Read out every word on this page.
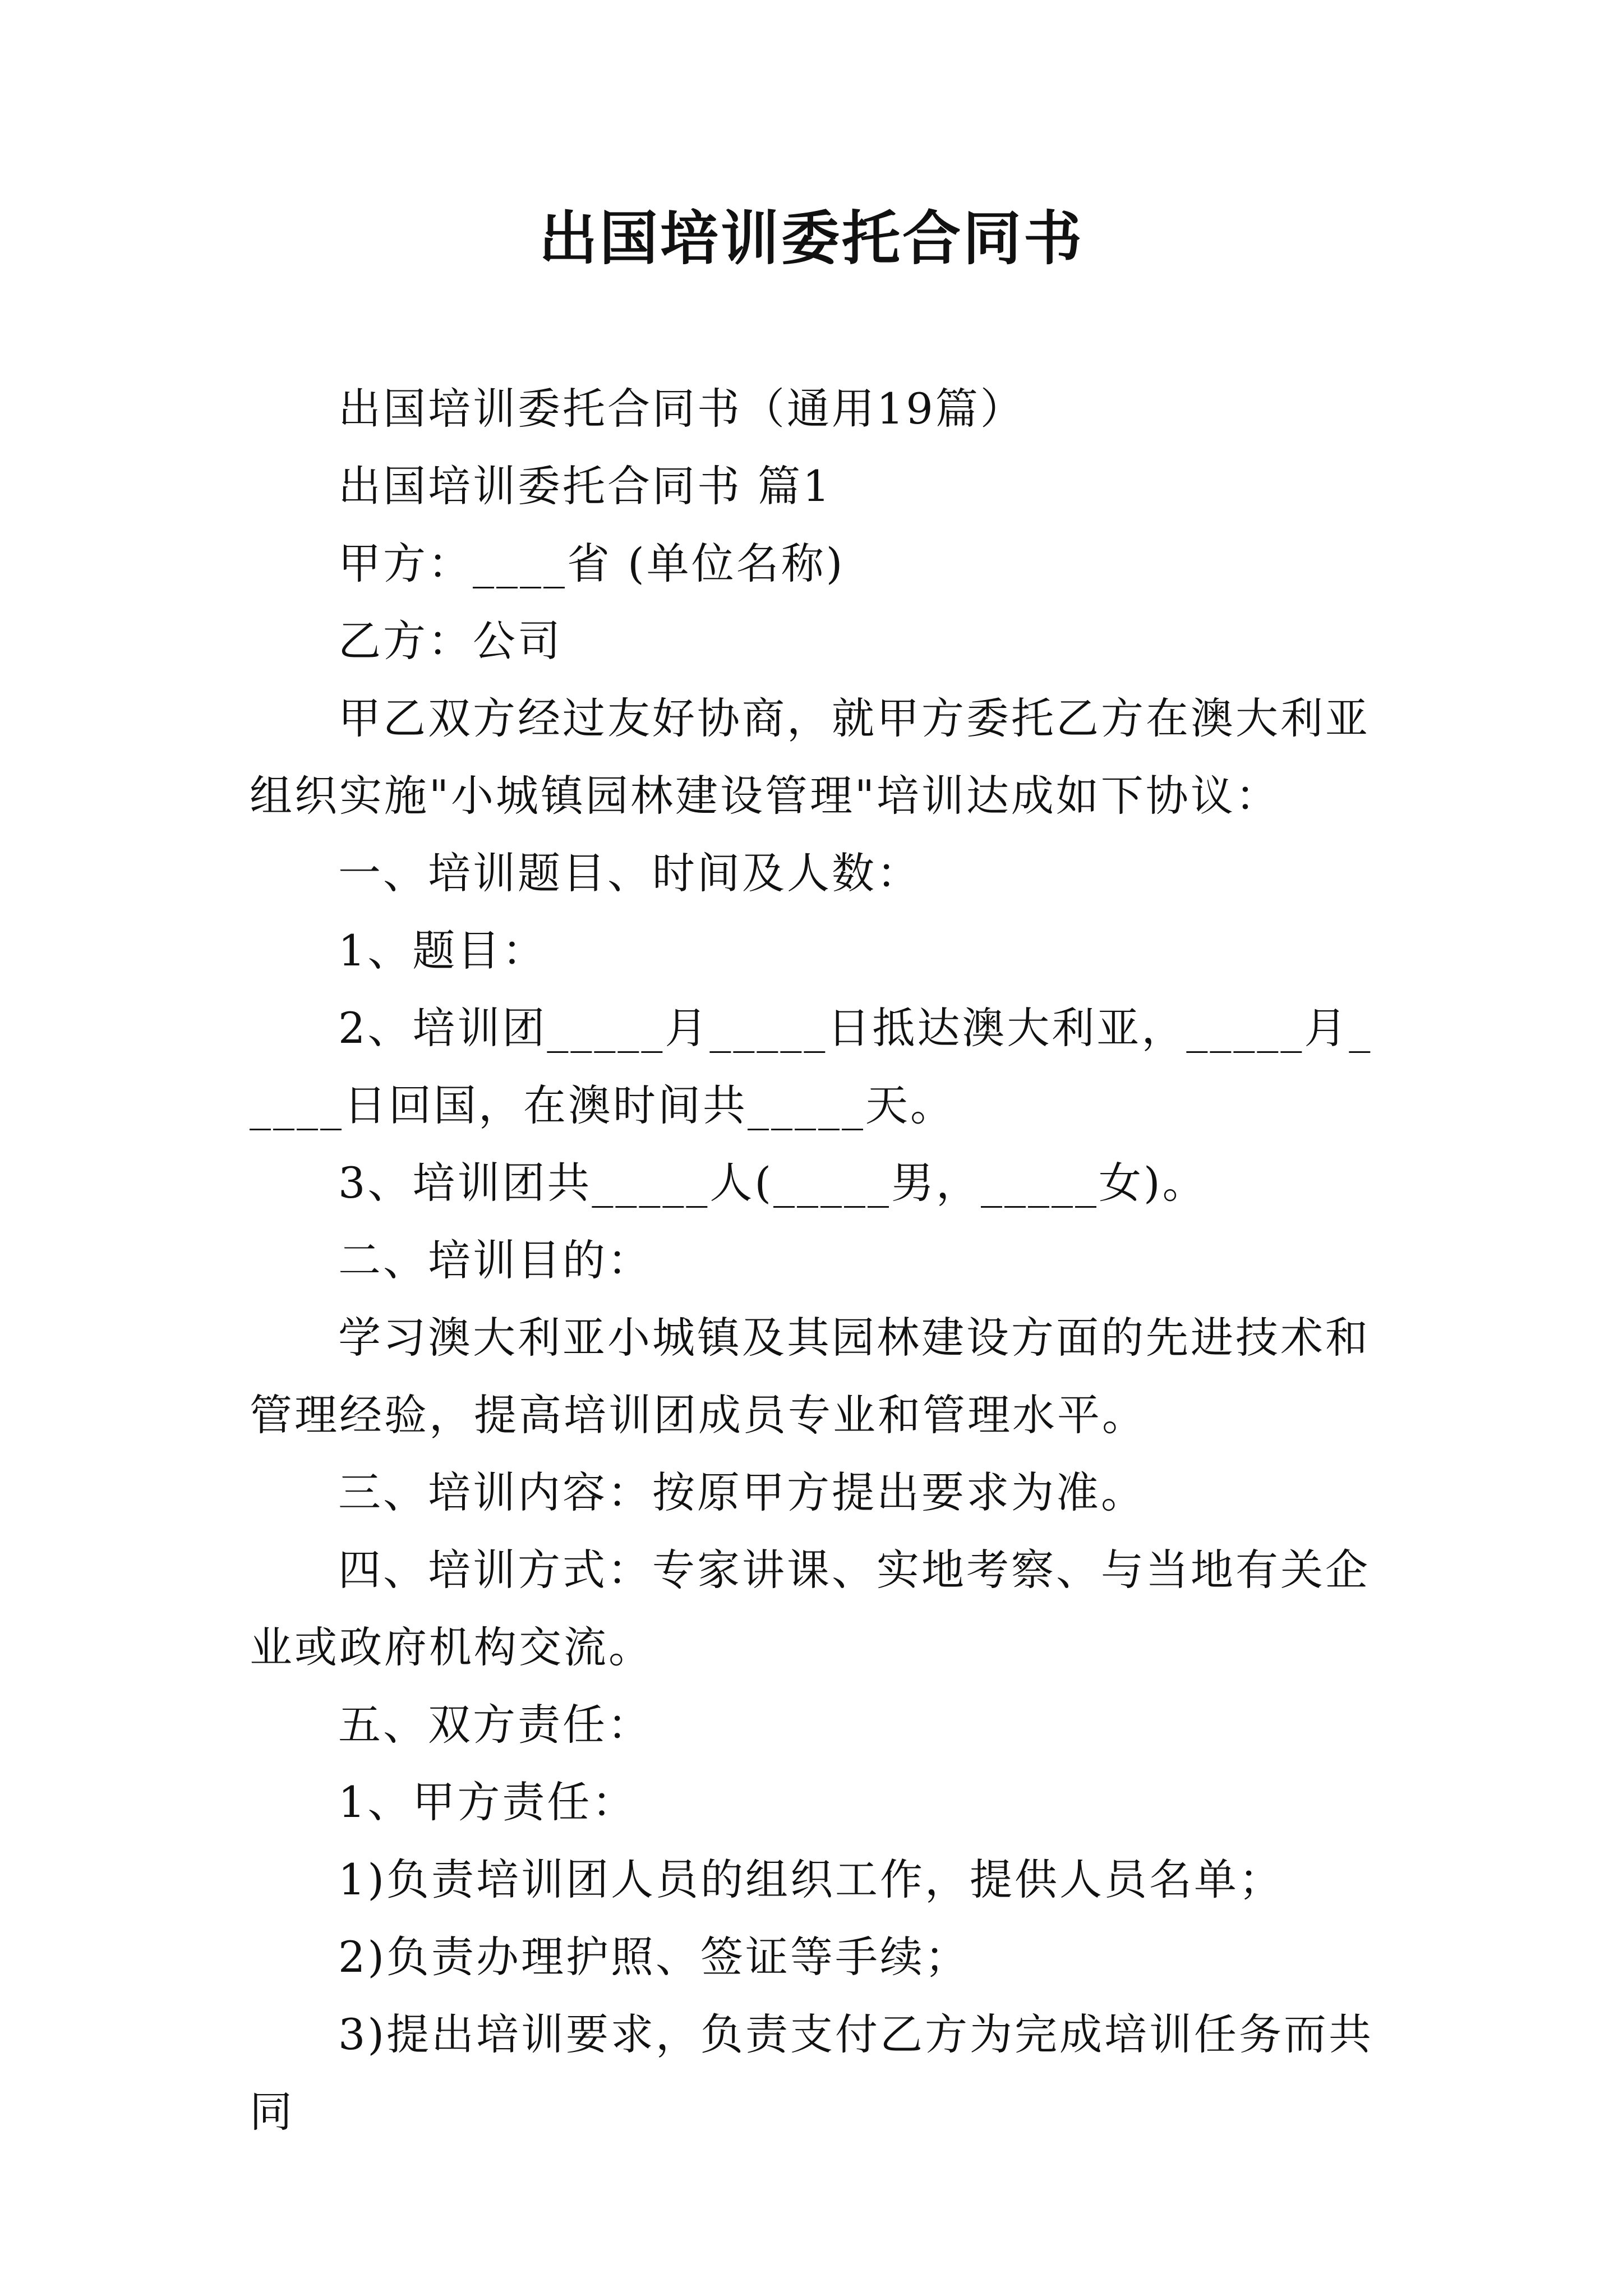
出国培训委托合同书

出国培训委托合同书（通用19篇）

出国培训委托合同书 篇1

甲方：____省 (单位名称)

乙方：公司

甲乙双方经过友好协商，就甲方委托乙方在澳大利亚组织实施"小城镇园林建设管理"培训达成如下协议：

一、培训题目、时间及人数：

1、题目：

2、培训团_____月_____日抵达澳大利亚，_____月_____日回国，在澳时间共_____天。

3、培训团共_____人(_____男，_____女)。

二、培训目的：

学习澳大利亚小城镇及其园林建设方面的先进技术和管理经验，提高培训团成员专业和管理水平。

三、培训内容：按原甲方提出要求为准。

四、培训方式：专家讲课、实地考察、与当地有关企业或政府机构交流。

五、双方责任：

1、甲方责任：

1)负责培训团人员的组织工作，提供人员名单；

2)负责办理护照、签证等手续；

3)提出培训要求，负责支付乙方为完成培训任务而共同
